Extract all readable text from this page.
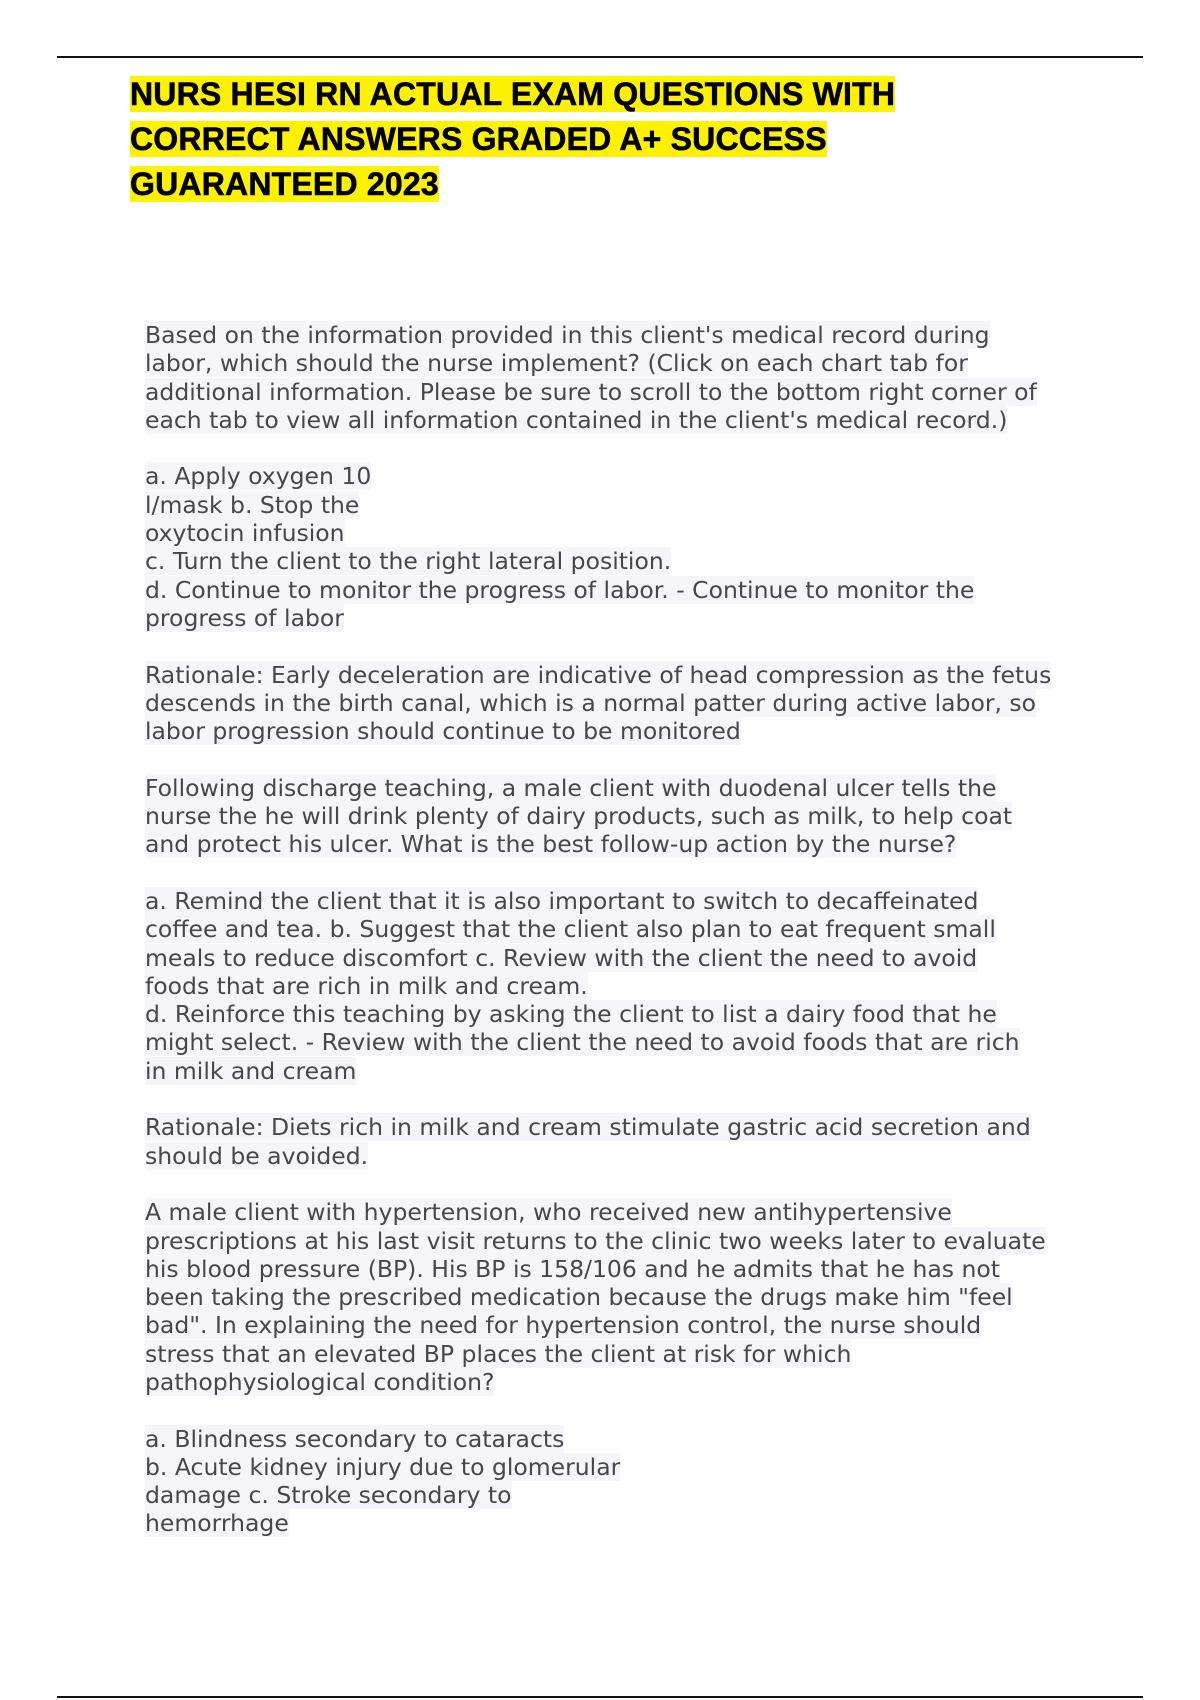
NURS HESI RN ACTUAL EXAM QUESTIONS WITH
CORRECT ANSWERS GRADED A+ SUCCESS
GUARANTEED 2023

Based on the information provided in this client's medical record during
labor, which should the nurse implement? (Click on each chart tab for
additional information. Please be sure to scroll to the bottom right corner of
each tab to view all information contained in the client's medical record.)

a. Apply oxygen 10
l/mask b. Stop the
oxytocin infusion
c. Turn the client to the right lateral position.
d. Continue to monitor the progress of labor. - Continue to monitor the
progress of labor

Rationale: Early deceleration are indicative of head compression as the fetus
descends in the birth canal, which is a normal patter during active labor, so
labor progression should continue to be monitored

Following discharge teaching, a male client with duodenal ulcer tells the
nurse the he will drink plenty of dairy products, such as milk, to help coat
and protect his ulcer. What is the best follow-up action by the nurse?

a. Remind the client that it is also important to switch to decaffeinated
coffee and tea. b. Suggest that the client also plan to eat frequent small
meals to reduce discomfort c. Review with the client the need to avoid
foods that are rich in milk and cream.
d. Reinforce this teaching by asking the client to list a dairy food that he
might select. - Review with the client the need to avoid foods that are rich
in milk and cream

Rationale: Diets rich in milk and cream stimulate gastric acid secretion and
should be avoided.

A male client with hypertension, who received new antihypertensive
prescriptions at his last visit returns to the clinic two weeks later to evaluate
his blood pressure (BP). His BP is 158/106 and he admits that he has not
been taking the prescribed medication because the drugs make him "feel
bad". In explaining the need for hypertension control, the nurse should
stress that an elevated BP places the client at risk for which
pathophysiological condition?

a. Blindness secondary to cataracts
b. Acute kidney injury due to glomerular
damage c. Stroke secondary to
hemorrhage
